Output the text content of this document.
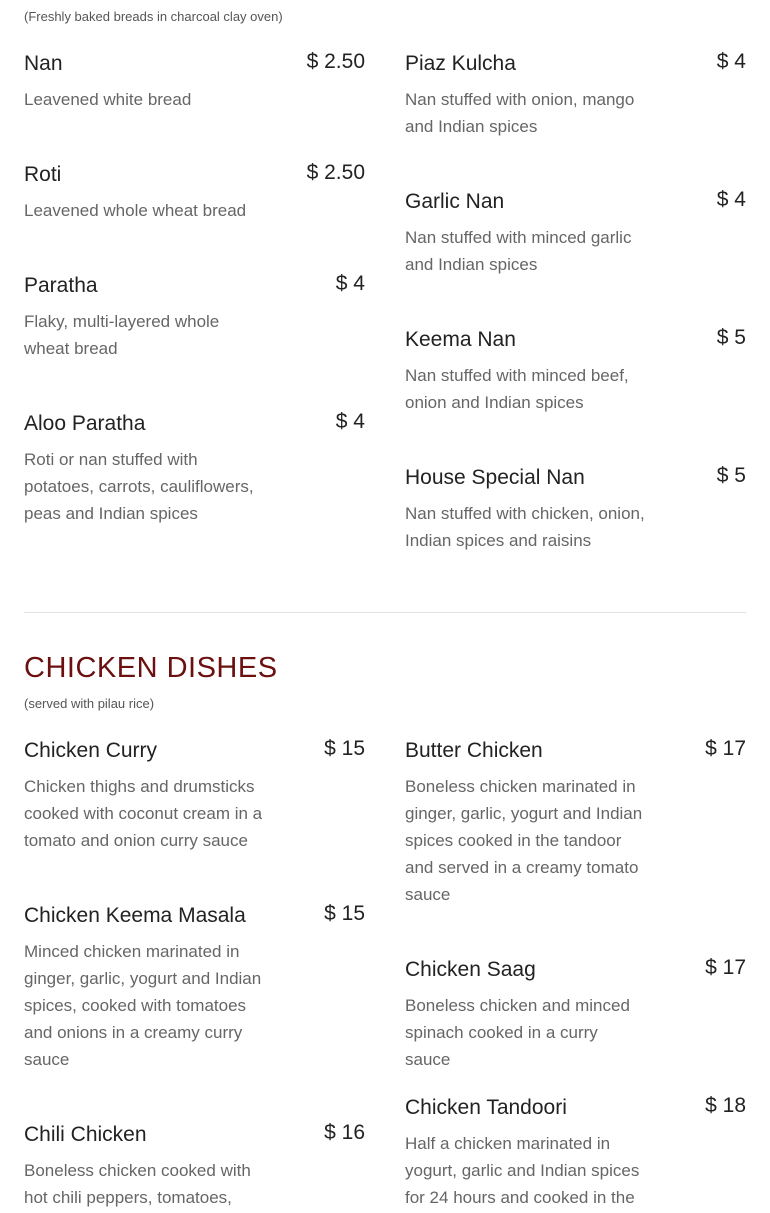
(Freshly baked breads in charcoal clay oven)

Nan	$ 2.50
Leavened white bread
Roti	$ 2.50
Leavened whole wheat bread
Paratha	$ 4
Flaky, multi-layered whole wheat bread
Aloo Paratha	$ 4
Roti or nan stuffed with potatoes, carrots, cauliflowers, peas and Indian spices
Piaz Kulcha	$ 4
Nan stuffed with onion, mango and Indian spices
Garlic Nan	$ 4
Nan stuffed with minced garlic and Indian spices
Keema Nan	$ 5
Nan stuffed with minced beef, onion and Indian spices
House Special Nan	$ 5
Nan stuffed with chicken, onion, Indian spices and raisins
CHICKEN DISHES

(served with pilau rice)

Chicken Curry	$ 15
Chicken thighs and drumsticks cooked with coconut cream in a tomato and onion curry sauce
Chicken Keema Masala	$ 15
Minced chicken marinated in ginger, garlic, yogurt and Indian spices, cooked with tomatoes and onions in a creamy curry sauce
Chili Chicken	$ 16
Boneless chicken cooked with hot chili peppers, tomatoes,
Butter Chicken	$ 17
Boneless chicken marinated in ginger, garlic, yogurt and Indian spices cooked in the tandoor and served in a creamy tomato sauce
Chicken Saag	$ 17
Boneless chicken and minced spinach cooked in a curry sauce
Chicken Tandoori	$ 18
Half a chicken marinated in yogurt, garlic and Indian spices for 24 hours and cooked in the
